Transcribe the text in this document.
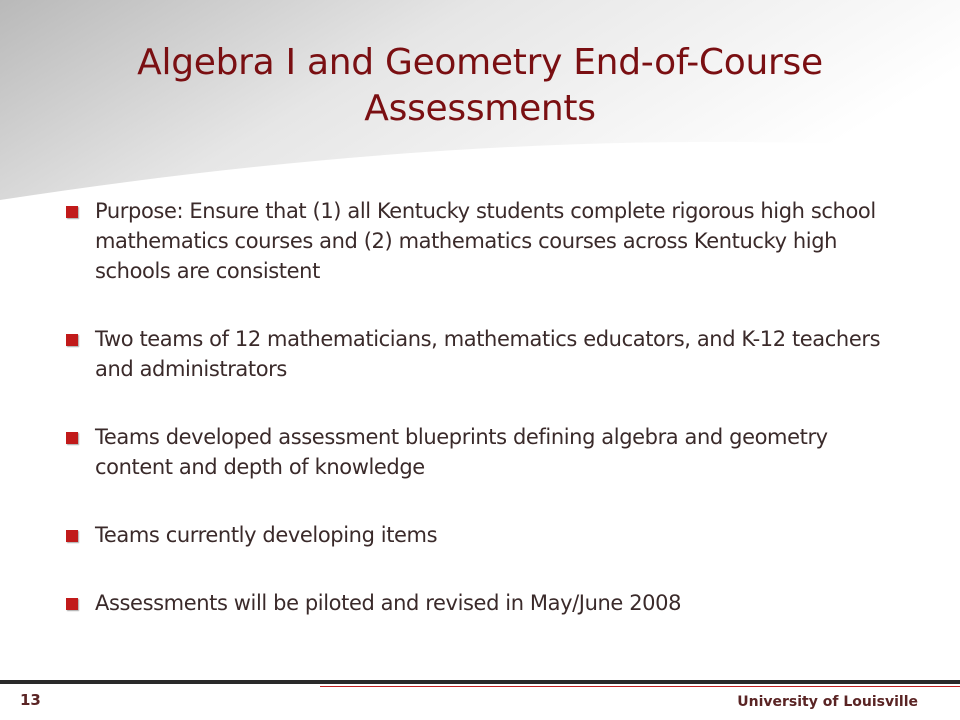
Algebra I and Geometry End-of-Course Assessments
Purpose: Ensure that (1) all Kentucky students complete rigorous high school mathematics courses and (2) mathematics courses across Kentucky high schools are consistent
Two teams of 12 mathematicians, mathematics educators, and K-12 teachers and administrators
Teams developed assessment blueprints defining algebra and geometry content and depth of knowledge
Teams currently developing items
Assessments will be piloted and revised in May/June 2008
13	University of Louisville
